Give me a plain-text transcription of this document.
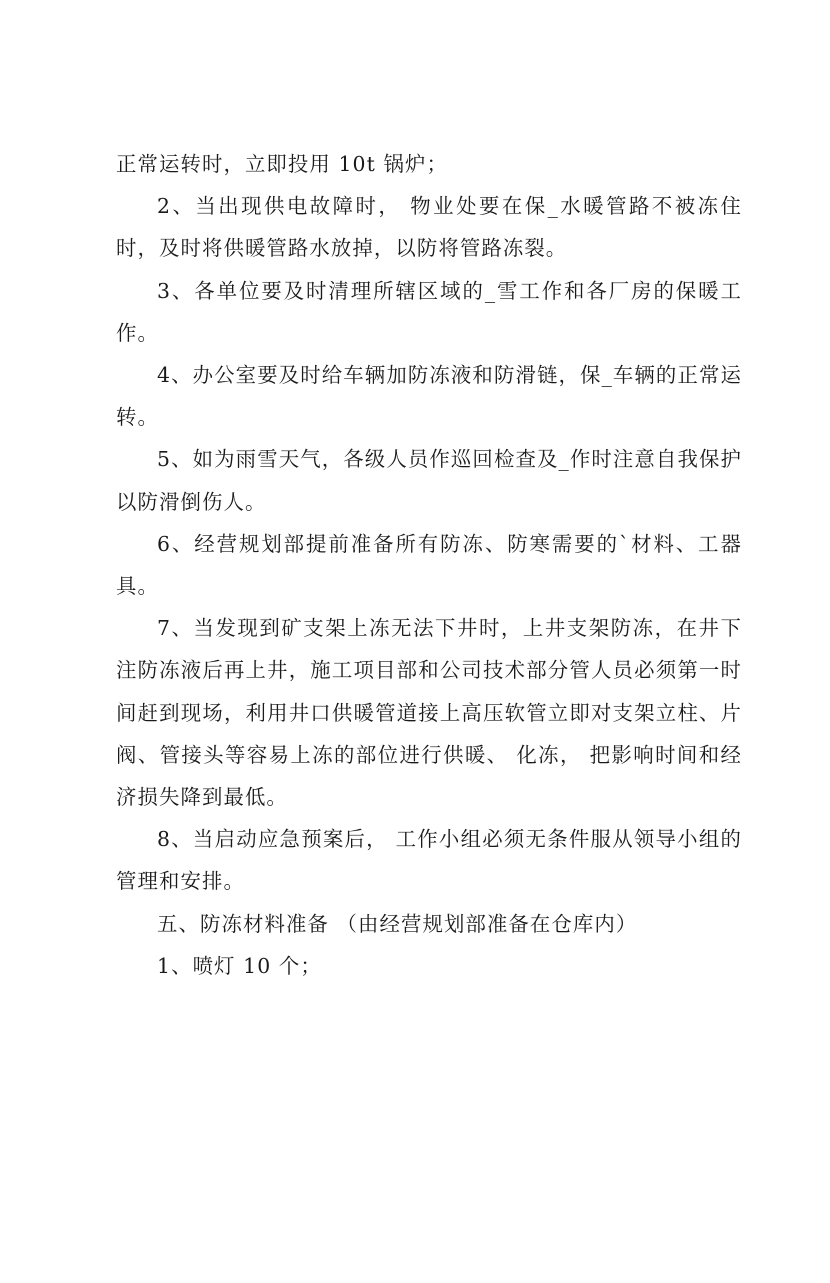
正常运转时，立即投用 10t 锅炉；

2、当出现供电故障时， 物业处要在保_水暖管路不被冻住时，及时将供暖管路水放掉，以防将管路冻裂。

3、各单位要及时清理所辖区域的_雪工作和各厂房的保暖工作。

4、办公室要及时给车辆加防冻液和防滑链，保_车辆的正常运转。

5、如为雨雪天气，各级人员作巡回检查及_作时注意自我保护以防滑倒伤人。

6、经营规划部提前准备所有防冻、防寒需要的`材料、工器具。

7、当发现到矿支架上冻无法下井时，上井支架防冻，在井下注防冻液后再上井，施工项目部和公司技术部分管人员必须第一时间赶到现场，利用井口供暖管道接上高压软管立即对支架立柱、片阀、管接头等容易上冻的部位进行供暖、 化冻， 把影响时间和经济损失降到最低。

8、当启动应急预案后， 工作小组必须无条件服从领导小组的管理和安排。

五、防冻材料准备 （由经营规划部准备在仓库内）

1、喷灯 10 个；
